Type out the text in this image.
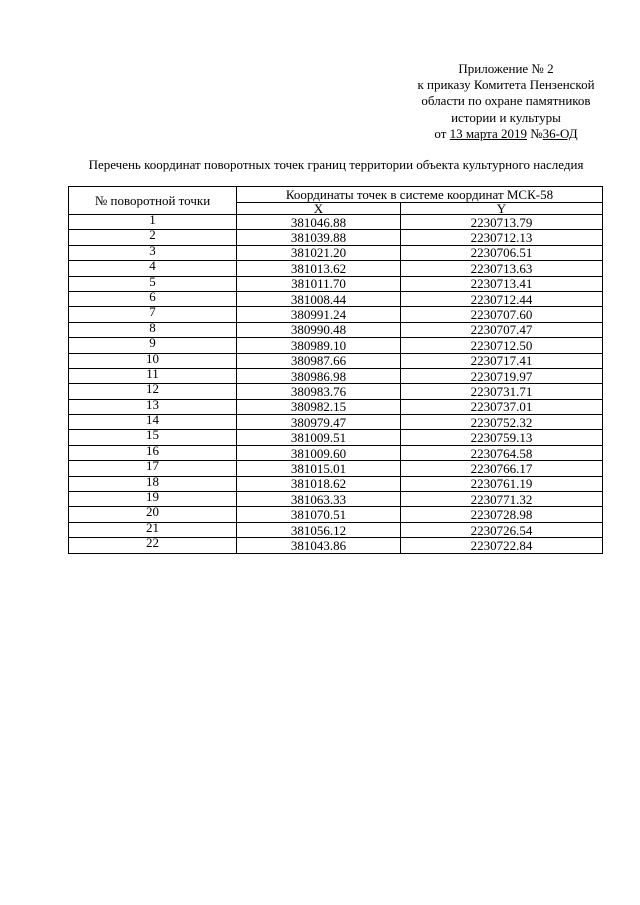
Приложение № 2
к приказу Комитета Пензенской
области по охране памятников
истории и культуры
от 13 марта 2019 №36-ОД
Перечень координат поворотных точек границ территории объекта культурного наследия
№ поворотной точки	Координаты точек в системе координат МСК-58	
	X	Y
1	381046.88	2230713.79
2	381039.88	2230712.13
3	381021.20	2230706.51
4	381013.62	2230713.63
5	381011.70	2230713.41
6	381008.44	2230712.44
7	380991.24	2230707.60
8	380990.48	2230707.47
9	380989.10	2230712.50
10	380987.66	2230717.41
11	380986.98	2230719.97
12	380983.76	2230731.71
13	380982.15	2230737.01
14	380979.47	2230752.32
15	381009.51	2230759.13
16	381009.60	2230764.58
17	381015.01	2230766.17
18	381018.62	2230761.19
19	381063.33	2230771.32
20	381070.51	2230728.98
21	381056.12	2230726.54
22	381043.86	2230722.84
